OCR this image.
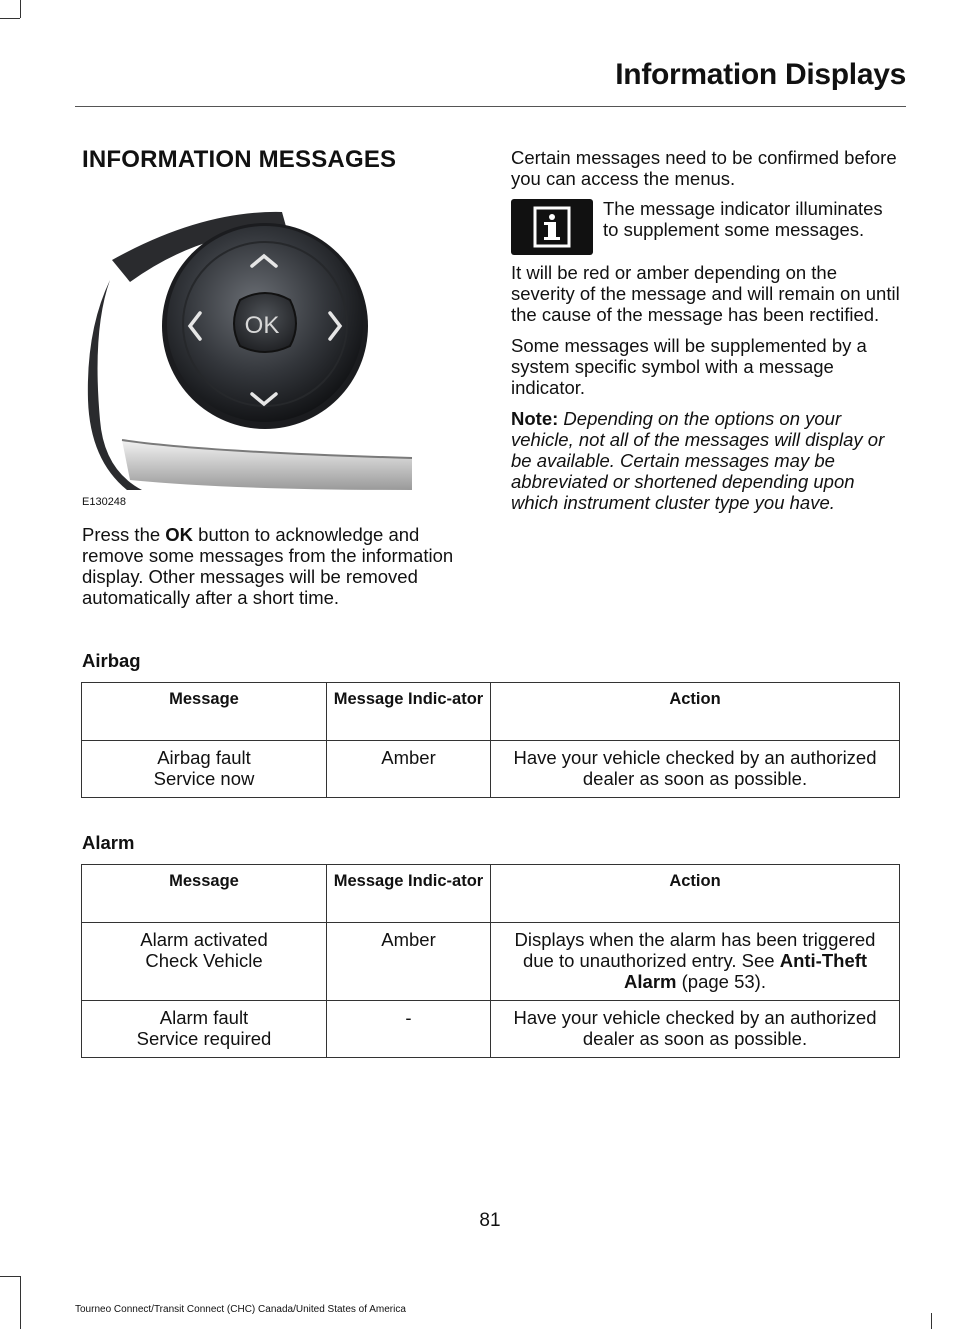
Information Displays
INFORMATION MESSAGES
OK
E130248
Press the OK button to acknowledge and remove some messages from the information display. Other messages will be removed automatically after a short time.
Certain messages need to be confirmed before you can access the menus.
The message indicator illuminates to supplement some messages.
It will be red or amber depending on the severity of the message and will remain on until the cause of the message has been rectified.
Some messages will be supplemented by a system specific symbol with a message indicator.
Note: Depending on the options on your vehicle, not all of the messages will display or be available. Certain messages may be abbreviated or shortened depending upon which instrument cluster type you have.
Airbag
Message	Message Indic-ator	Action

Airbag fault
Service now	Amber	Have your vehicle checked by an authorized dealer as soon as possible.
Alarm
Message	Message Indic-ator	Action

Alarm activated
Check Vehicle	Amber	Displays when the alarm has been triggered due to unauthorized entry. See Anti-Theft Alarm (page 53).

Alarm fault
Service required	-	Have your vehicle checked by an authorized dealer as soon as possible.
81
Tourneo Connect/Transit Connect (CHC) Canada/United States of America
